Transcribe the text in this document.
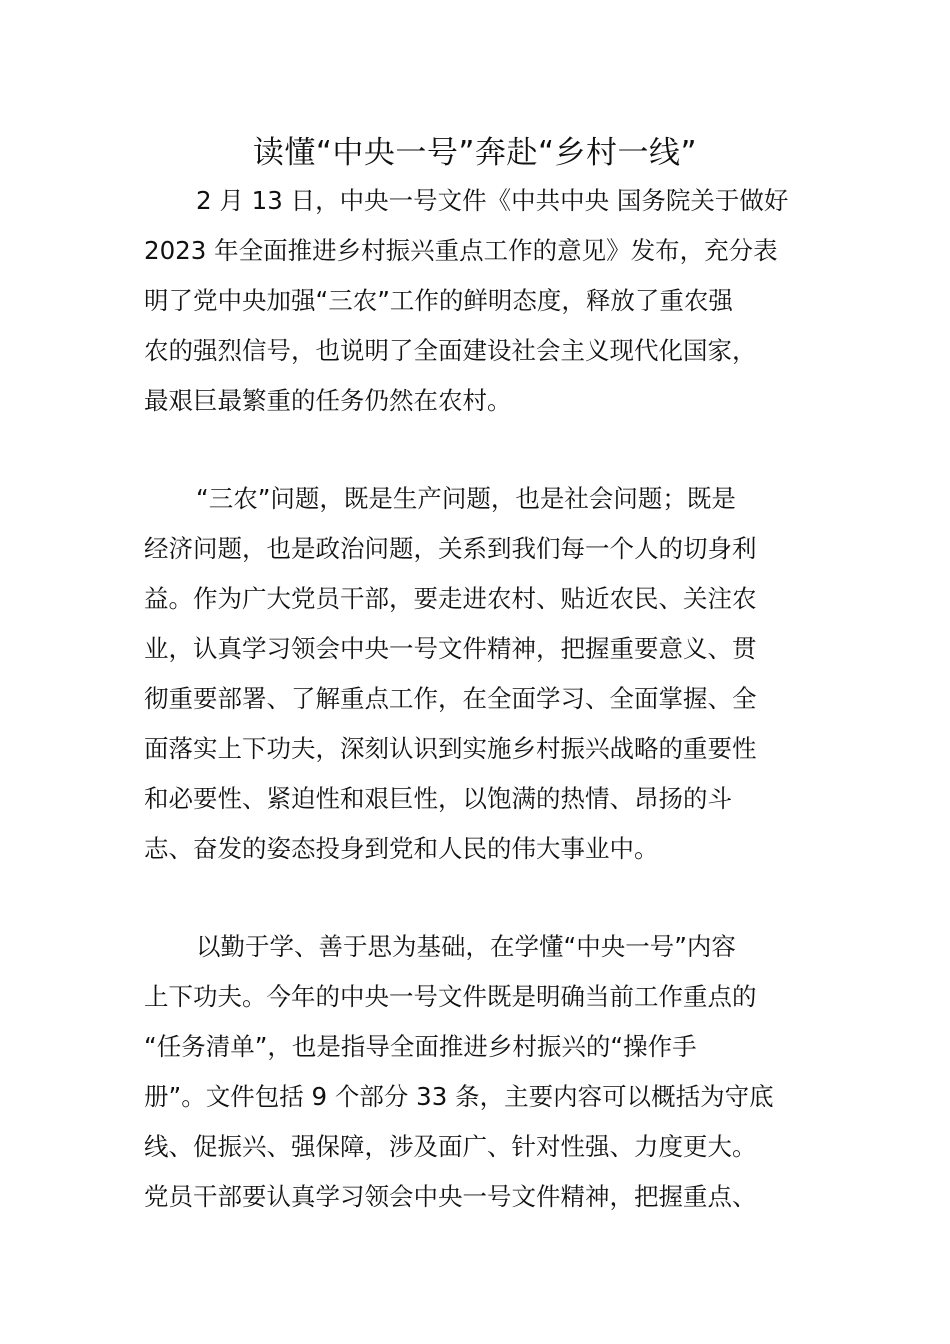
读懂“中央一号”奔赴“乡村一线”
2 月 13 日，中央一号文件《中共中央 国务院关于做好
2023 年全面推进乡村振兴重点工作的意见》发布，充分表
明了党中央加强“三农”工作的鲜明态度，释放了重农强
农的强烈信号，也说明了全面建设社会主义现代化国家，
最艰巨最繁重的任务仍然在农村。
“三农”问题，既是生产问题，也是社会问题；既是
经济问题，也是政治问题，关系到我们每一个人的切身利
益。作为广大党员干部，要走进农村、贴近农民、关注农
业，认真学习领会中央一号文件精神，把握重要意义、贯
彻重要部署、了解重点工作，在全面学习、全面掌握、全
面落实上下功夫，深刻认识到实施乡村振兴战略的重要性
和必要性、紧迫性和艰巨性，以饱满的热情、昂扬的斗
志、奋发的姿态投身到党和人民的伟大事业中。
以勤于学、善于思为基础，在学懂“中央一号”内容
上下功夫。今年的中央一号文件既是明确当前工作重点的
“任务清单”，也是指导全面推进乡村振兴的“操作手
册”。文件包括 9 个部分 33 条，主要内容可以概括为守底
线、促振兴、强保障，涉及面广、针对性强、力度更大。
党员干部要认真学习领会中央一号文件精神，把握重点、
